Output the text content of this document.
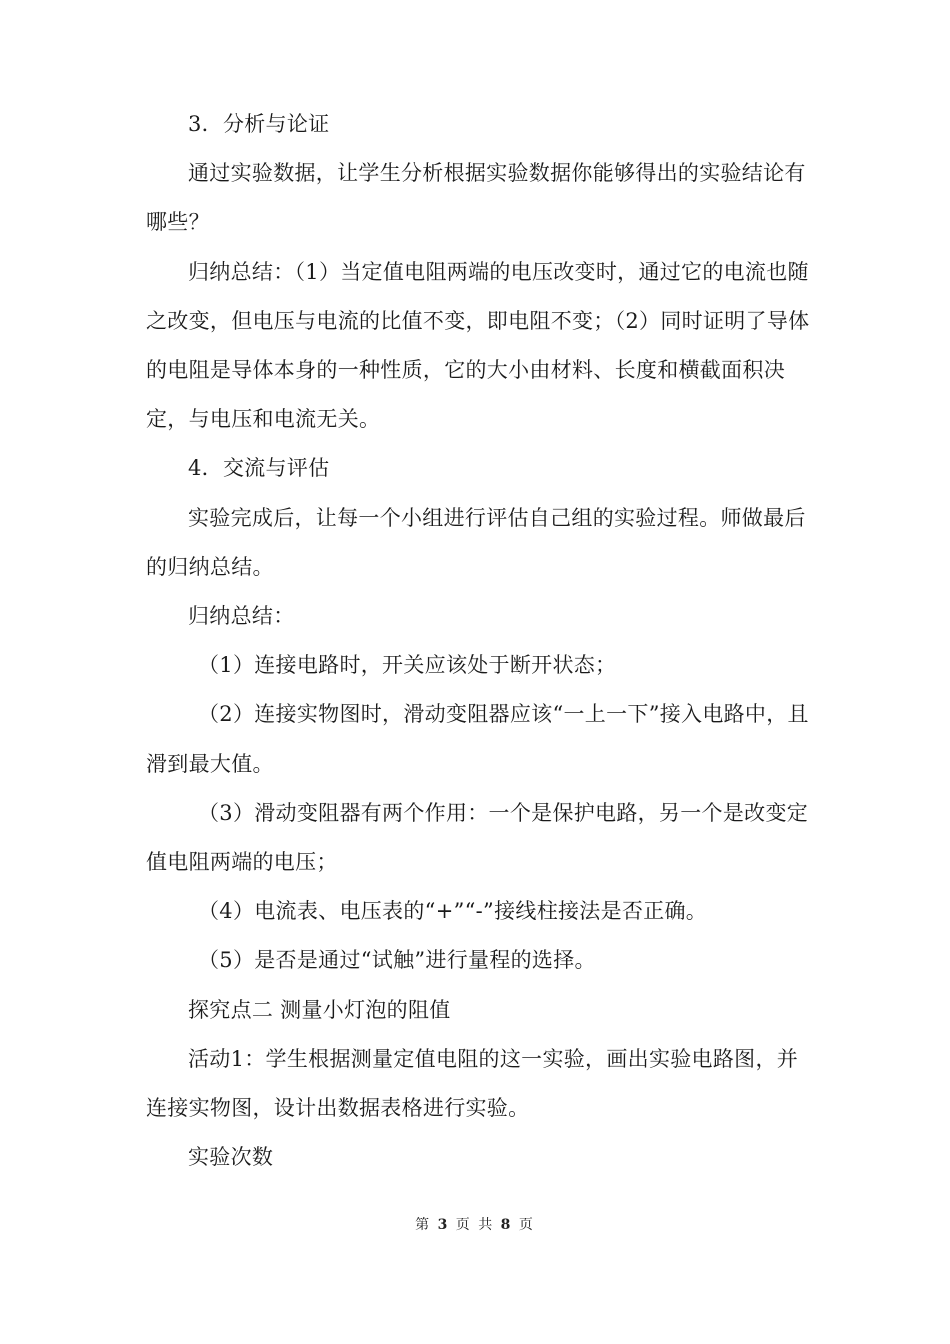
3．分析与论证

通过实验数据，让学生分析根据实验数据你能够得出的实验结论有哪些？

归纳总结：（1）当定值电阻两端的电压改变时，通过它的电流也随之改变，但电压与电流的比值不变，即电阻不变；（2）同时证明了导体的电阻是导体本身的一种性质，它的大小由材料、长度和横截面积决定，与电压和电流无关。

4．交流与评估

实验完成后，让每一个小组进行评估自己组的实验过程。师做最后的归纳总结。

归纳总结：

（1）连接电路时，开关应该处于断开状态；

（2）连接实物图时，滑动变阻器应该“一上一下”接入电路中，且滑到最大值。

（3）滑动变阻器有两个作用：一个是保护电路，另一个是改变定值电阻两端的电压；

（4）电流表、电压表的“+”“-”接线柱接法是否正确。

（5）是否是通过“试触”进行量程的选择。

探究点二 测量小灯泡的阻值

活动1：学生根据测量定值电阻的这一实验，画出实验电路图，并连接实物图，设计出数据表格进行实验。

实验次数

第 3 页 共 8 页
